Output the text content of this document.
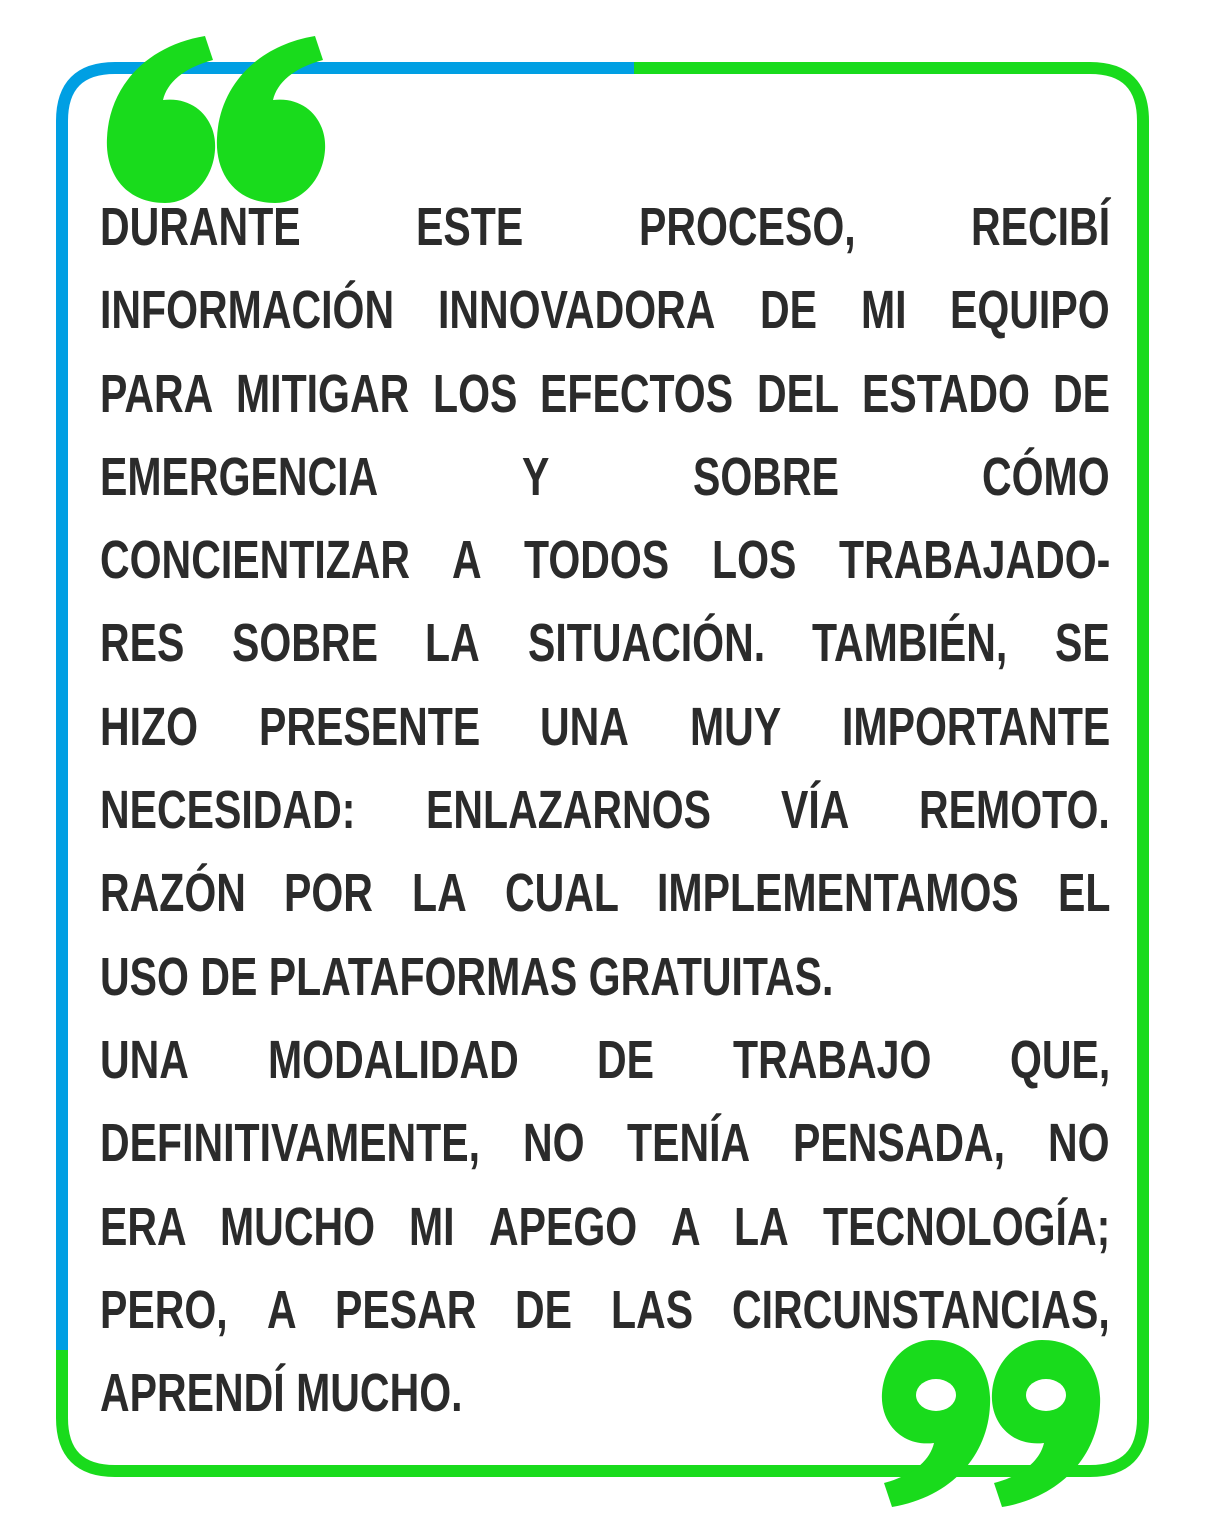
DURANTE ESTE PROCESO, RECIBÍ
INFORMACIÓN INNOVADORA DE MI EQUIPO
PARA MITIGAR LOS EFECTOS DEL ESTADO DE
EMERGENCIA	Y	SOBRE	CÓMO
CONCIENTIZAR A TODOS LOS TRABAJADO-
RES SOBRE LA SITUACIÓN. TAMBIÉN, SE
HIZO PRESENTE UNA MUY IMPORTANTE
NECESIDAD: ENLAZARNOS VÍA REMOTO.
RAZÓN POR LA CUAL IMPLEMENTAMOS EL
USO DE PLATAFORMAS GRATUITAS.
UNA MODALIDAD DE TRABAJO QUE,
DEFINITIVAMENTE, NO TENÍA PENSADA, NO
ERA MUCHO MI APEGO A LA TECNOLOGÍA;
PERO, A PESAR DE LAS CIRCUNSTANCIAS,
APRENDÍ MUCHO.
